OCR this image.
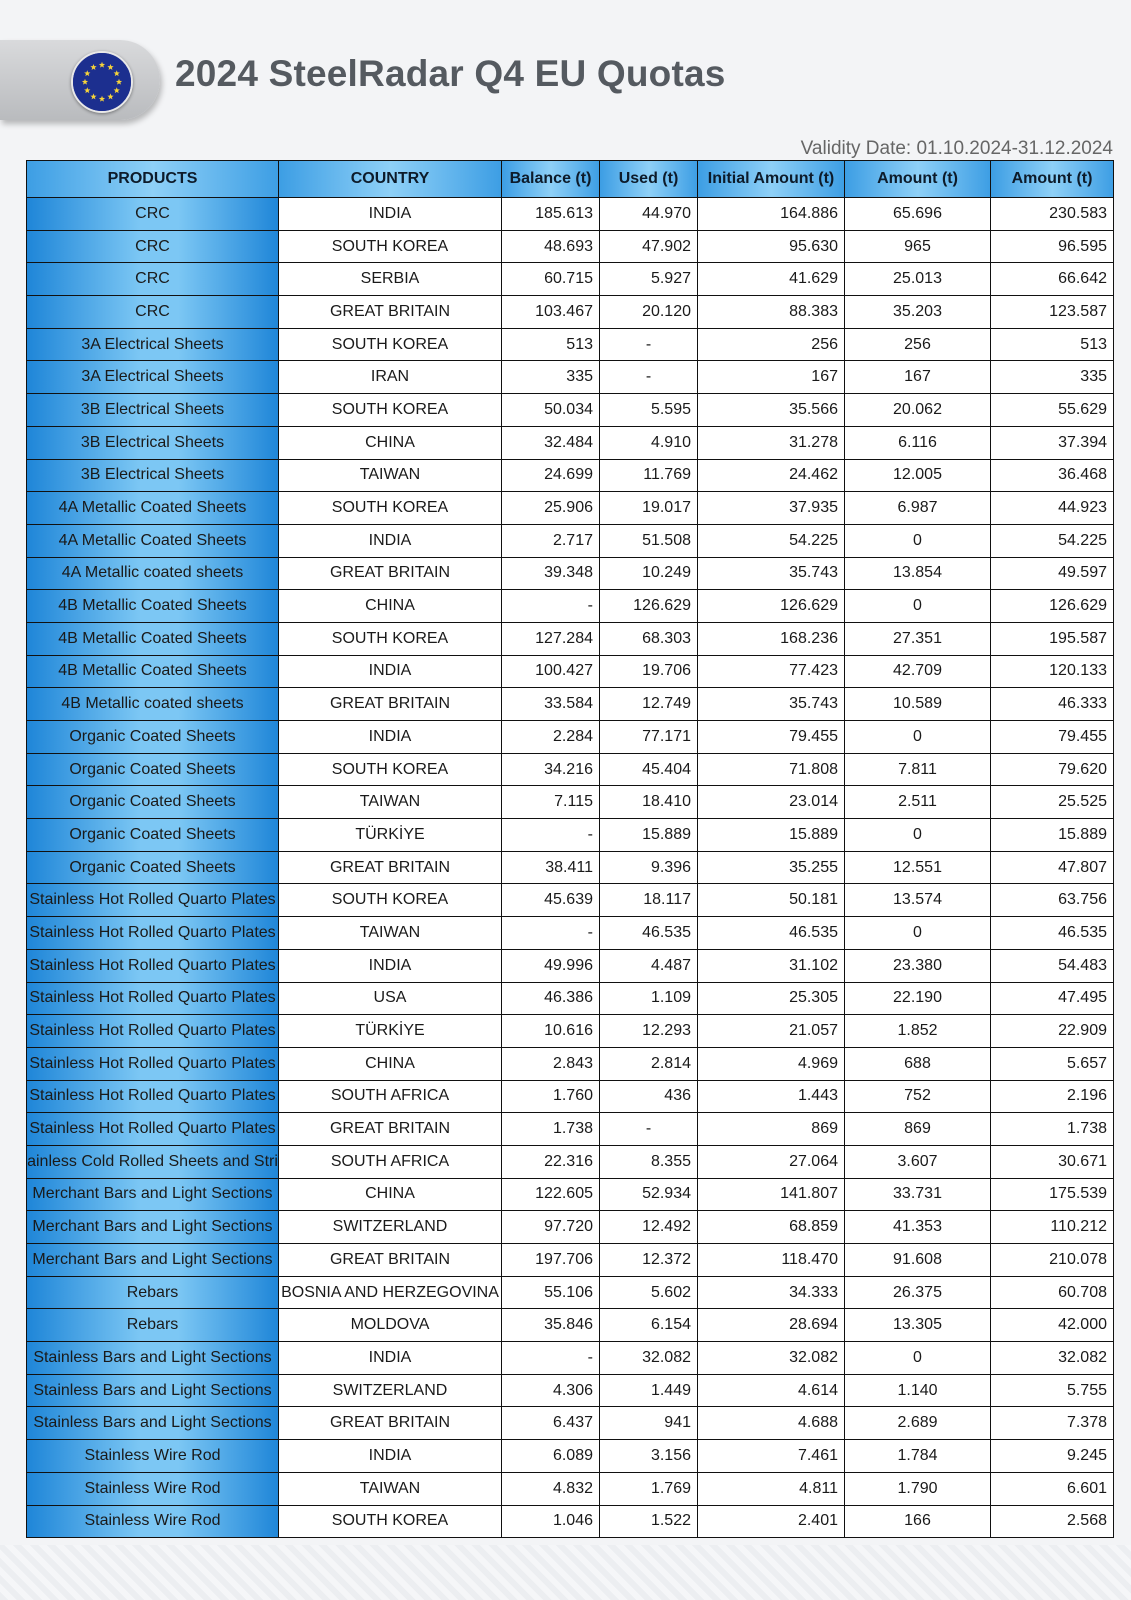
2024 SteelRadar Q4 EU Quotas
Validity Date: 01.10.2024-31.12.2024
PRODUCTS	COUNTRY	Balance (t)	Used (t)	Initial Amount (t)	Amount (t)	Amount (t)
CRC	INDIA	185.613	44.970	164.886	65.696	230.583
CRC	SOUTH KOREA	48.693	47.902	95.630	965	96.595
CRC	SERBIA	60.715	5.927	41.629	25.013	66.642
CRC	GREAT BRITAIN	103.467	20.120	88.383	35.203	123.587
3A Electrical Sheets	SOUTH KOREA	513	-	256	256	513
3A Electrical Sheets	IRAN	335	-	167	167	335
3B Electrical Sheets	SOUTH KOREA	50.034	5.595	35.566	20.062	55.629
3B Electrical Sheets	CHINA	32.484	4.910	31.278	6.116	37.394
3B Electrical Sheets	TAIWAN	24.699	11.769	24.462	12.005	36.468
4A Metallic Coated Sheets	SOUTH KOREA	25.906	19.017	37.935	6.987	44.923
4A Metallic Coated Sheets	INDIA	2.717	51.508	54.225	0	54.225
4A Metallic coated sheets	GREAT BRITAIN	39.348	10.249	35.743	13.854	49.597
4B Metallic Coated Sheets	CHINA	-	126.629	126.629	0	126.629
4B Metallic Coated Sheets	SOUTH KOREA	127.284	68.303	168.236	27.351	195.587
4B Metallic Coated Sheets	INDIA	100.427	19.706	77.423	42.709	120.133
4B Metallic coated sheets	GREAT BRITAIN	33.584	12.749	35.743	10.589	46.333
Organic Coated Sheets	INDIA	2.284	77.171	79.455	0	79.455
Organic Coated Sheets	SOUTH KOREA	34.216	45.404	71.808	7.811	79.620
Organic Coated Sheets	TAIWAN	7.115	18.410	23.014	2.511	25.525
Organic Coated Sheets	TÜRKİYE	-	15.889	15.889	0	15.889
Organic Coated Sheets	GREAT BRITAIN	38.411	9.396	35.255	12.551	47.807
Stainless Hot Rolled Quarto Plates	SOUTH KOREA	45.639	18.117	50.181	13.574	63.756
Stainless Hot Rolled Quarto Plates	TAIWAN	-	46.535	46.535	0	46.535
Stainless Hot Rolled Quarto Plates	INDIA	49.996	4.487	31.102	23.380	54.483
Stainless Hot Rolled Quarto Plates	USA	46.386	1.109	25.305	22.190	47.495
Stainless Hot Rolled Quarto Plates	TÜRKİYE	10.616	12.293	21.057	1.852	22.909
Stainless Hot Rolled Quarto Plates	CHINA	2.843	2.814	4.969	688	5.657
Stainless Hot Rolled Quarto Plates	SOUTH AFRICA	1.760	436	1.443	752	2.196
Stainless Hot Rolled Quarto Plates	GREAT BRITAIN	1.738	-	869	869	1.738
ainless Cold Rolled Sheets and Stri	SOUTH AFRICA	22.316	8.355	27.064	3.607	30.671
Merchant Bars and Light Sections	CHINA	122.605	52.934	141.807	33.731	175.539
Merchant Bars and Light Sections	SWITZERLAND	97.720	12.492	68.859	41.353	110.212
Merchant Bars and Light Sections	GREAT BRITAIN	197.706	12.372	118.470	91.608	210.078
Rebars	BOSNIA AND HERZEGOVINA	55.106	5.602	34.333	26.375	60.708
Rebars	MOLDOVA	35.846	6.154	28.694	13.305	42.000
Stainless Bars and Light Sections	INDIA	-	32.082	32.082	0	32.082
Stainless Bars and Light Sections	SWITZERLAND	4.306	1.449	4.614	1.140	5.755
Stainless Bars and Light Sections	GREAT BRITAIN	6.437	941	4.688	2.689	7.378
Stainless Wire Rod	INDIA	6.089	3.156	7.461	1.784	9.245
Stainless Wire Rod	TAIWAN	4.832	1.769	4.811	1.790	6.601
Stainless Wire Rod	SOUTH KOREA	1.046	1.522	2.401	166	2.568
